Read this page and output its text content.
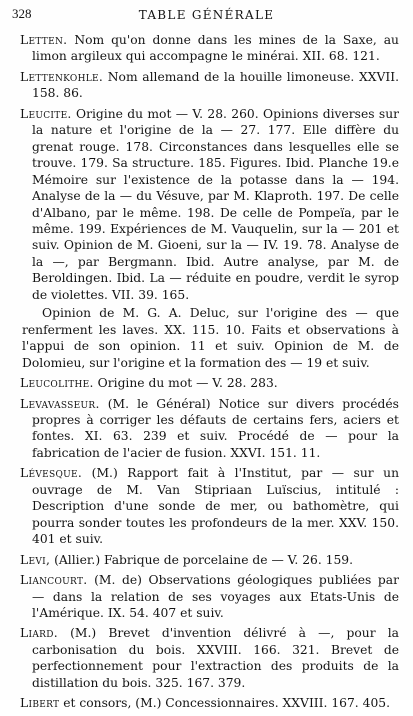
328	TABLE GÉNÉRALE

Letten. Nom qu'on donne dans les mines de la Saxe, au limon argileux qui accompagne le minérai. XII. 68. 121.

Lettenkohle. Nom allemand de la houille limoneuse. XXVII. 158. 86.

Leucite. Origine du mot — V. 28. 260. Opinions diverses sur la nature et l'origine de la — 27. 177. Elle diffère du grenat rouge. 178. Circonstances dans lesquelles elle se trouve. 179. Sa structure. 185. Figures. Ibid. Planche 19.e Mémoire sur l'existence de la potasse dans la — 194. Analyse de la — du Vésuve, par M. Klaproth. 197. De celle d'Albano, par le même. 198. De celle de Pompeïa, par le même. 199. Expériences de M. Vauquelin, sur la — 201 et suiv. Opinion de M. Gioeni, sur la — IV. 19. 78. Analyse de la —, par Bergmann. Ibid. Autre analyse, par M. de Beroldingen. Ibid. La — réduite en poudre, verdit le syrop de violettes. VII. 39. 165.

Opinion de M. G. A. Deluc, sur l'origine des — que renferment les laves. XX. 115. 10. Faits et observations à l'appui de son opinion. 11 et suiv. Opinion de M. de Dolomieu, sur l'origine et la formation des — 19 et suiv.

Leucolithe. Origine du mot — V. 28. 283.

Levavasseur. (M. le Général) Notice sur divers procédés propres à corriger les défauts de certains fers, aciers et fontes. XI. 63. 239 et suiv. Procédé de — pour la fabrication de l'acier de fusion. XXVI. 151. 11.

Lévesque. (M.) Rapport fait à l'Institut, par — sur un ouvrage de M. Van Stipriaan Luïscius, intitulé : Description d'une sonde de mer, ou bathomètre, qui pourra sonder toutes les profondeurs de la mer. XXV. 150. 401 et suiv.

Levi, (Allier.) Fabrique de porcelaine de — V. 26. 159.

Liancourt. (M. de) Observations géologiques publiées par — dans la relation de ses voyages aux Etats-Unis de l'Amérique. IX. 54. 407 et suiv.

Liard. (M.) Brevet d'invention délivré à —, pour la carbonisation du bois. XXVIII. 166. 321. Brevet de perfectionnement pour l'extraction des produits de la distillation du bois. 325. 167. 379.

Libert et consors, (M.) Concessionnaires. XXVIII. 167. 405.
